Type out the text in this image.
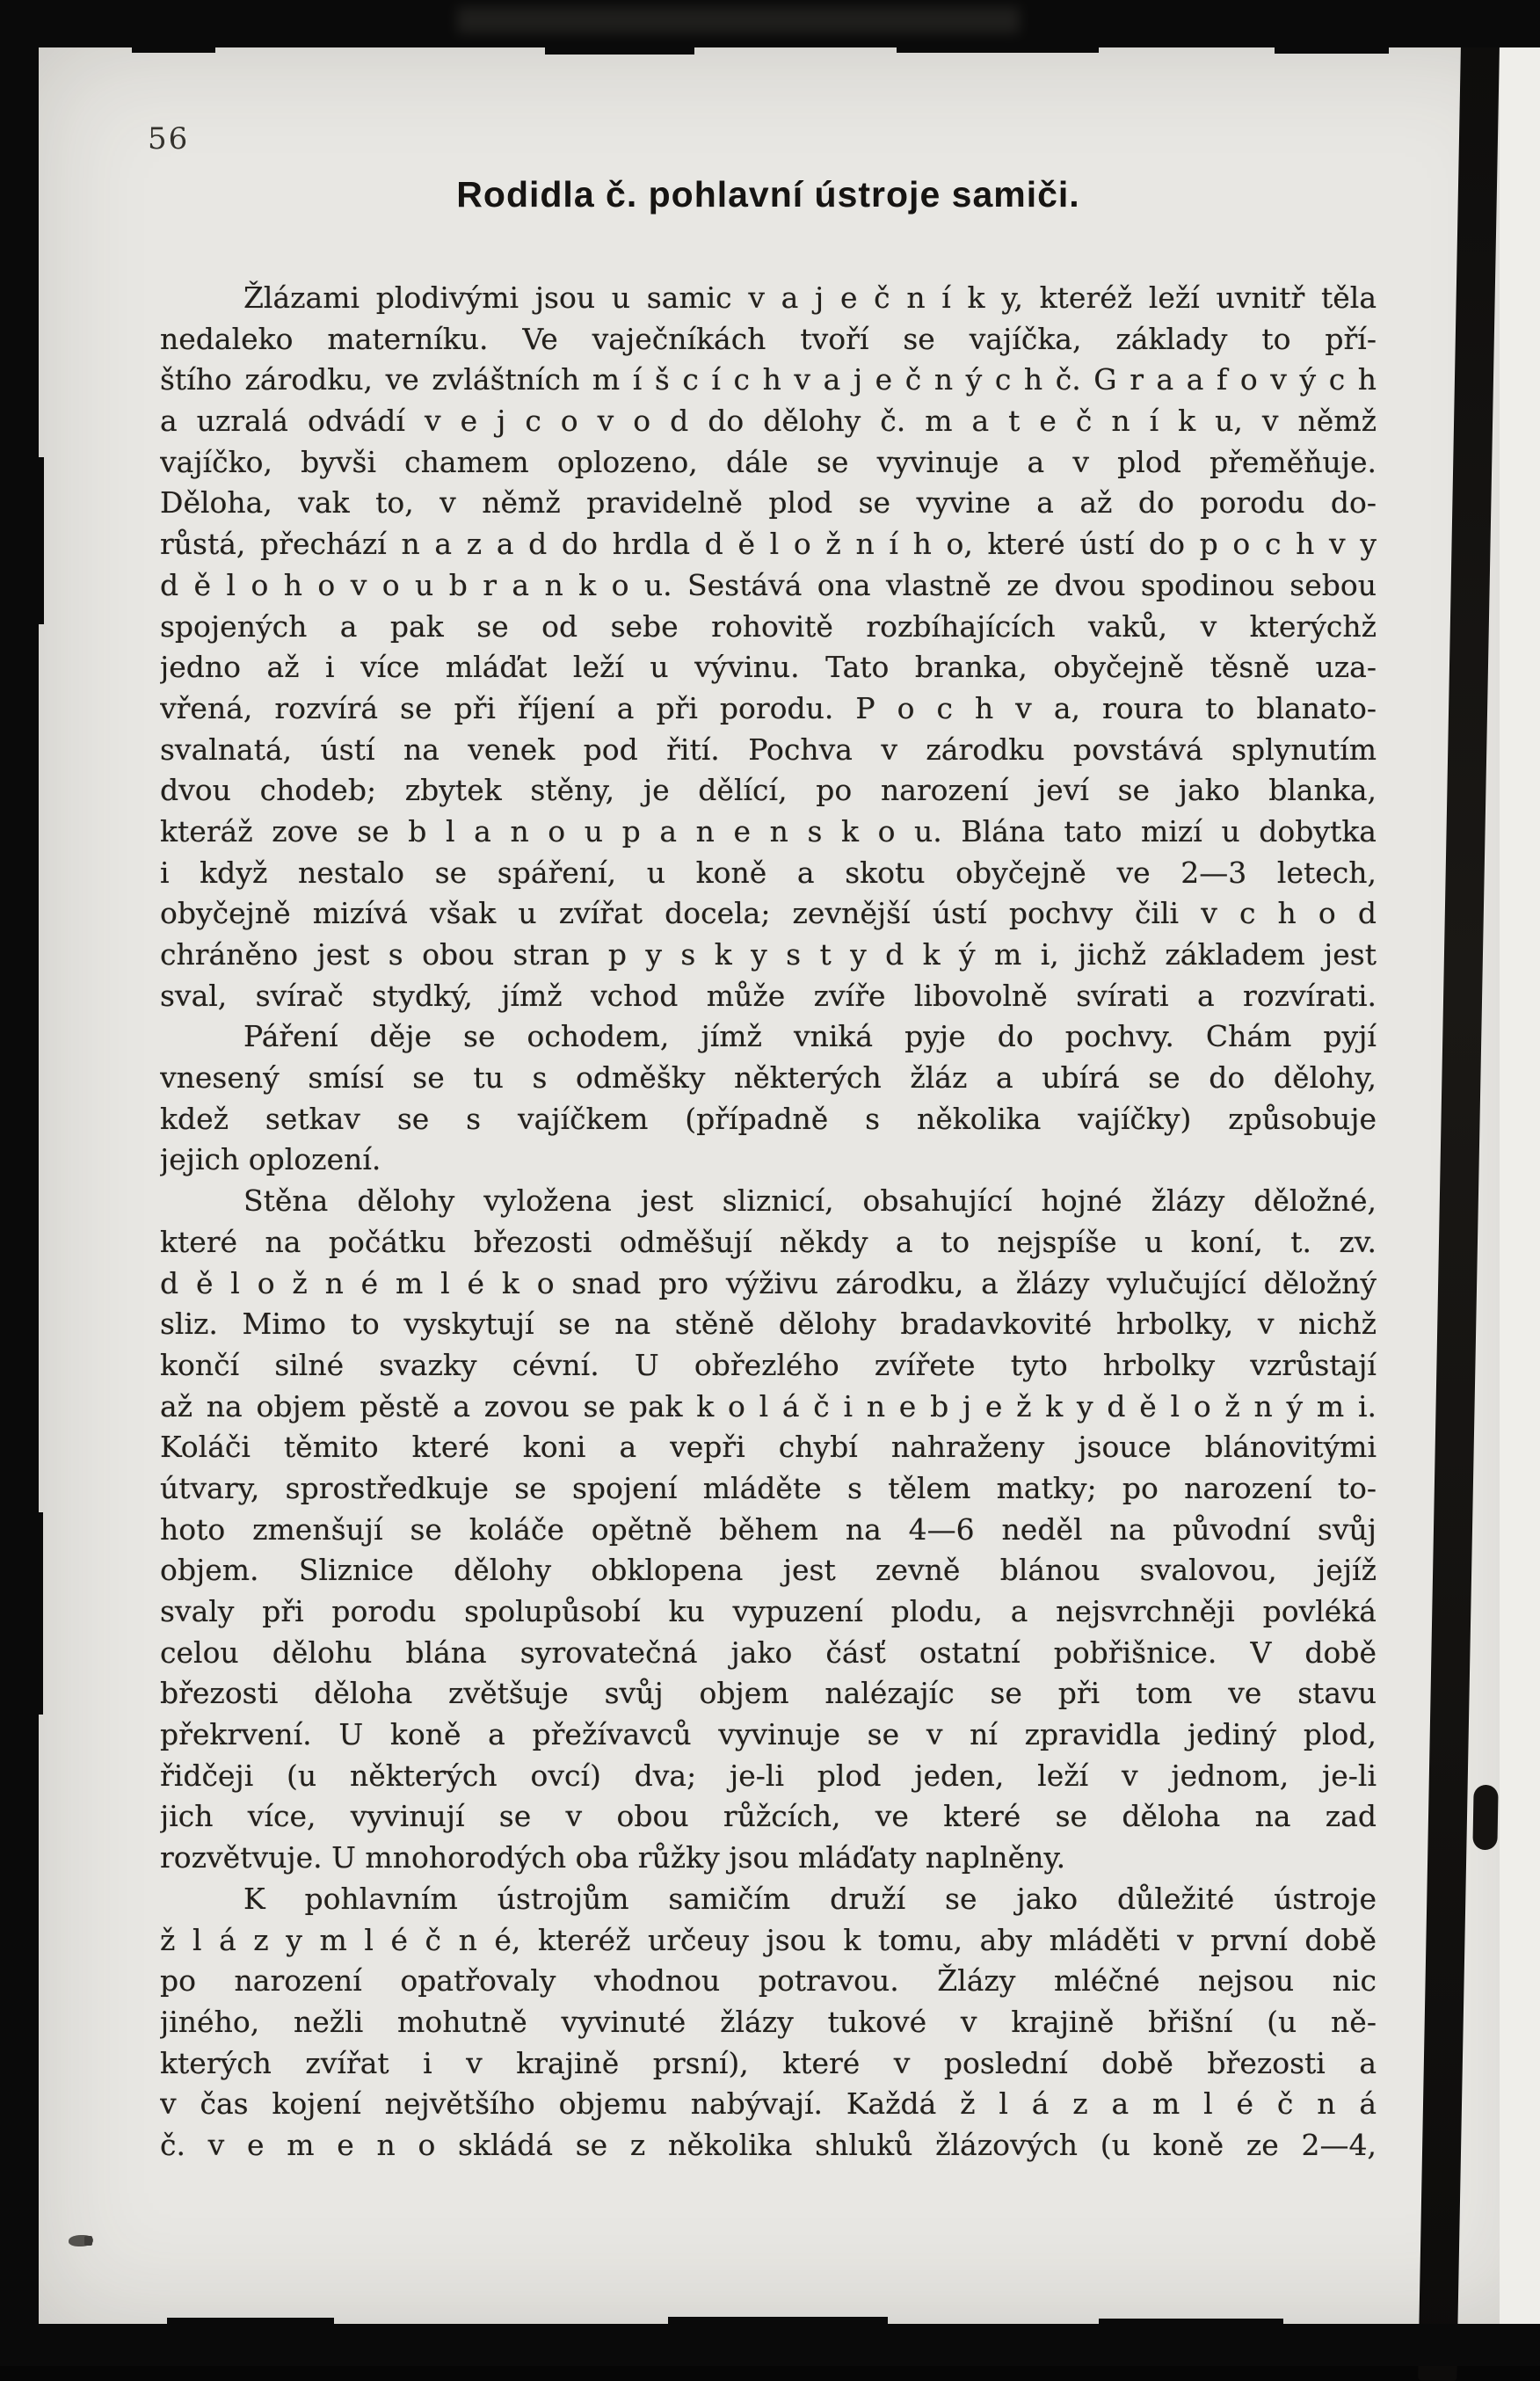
56
Rodidla č. pohlavní ústroje samiči.
Žlázami plodivými jsou u samic v a j e č n í k y, kteréž leží uvnitř těla
nedaleko materníku. Ve vaječníkách tvoří se vajíčka, základy to pří-
štího zárodku, ve zvláštních m í š c í c h v a j e č n ý c h č. G r a a f o v ý c h
a uzralá odvádí v e j c o v o d do dělohy č. m a t e č n í k u, v němž
vajíčko, byvši chamem oplozeno, dále se vyvinuje a v plod přeměňuje.
Děloha, vak to, v němž pravidelně plod se vyvine a až do porodu do-
růstá, přechází n a z a d do hrdla d ě l o ž n í h o, které ústí do p o c h v y
d ě l o h o v o u b r a n k o u. Sestává ona vlastně ze dvou spodinou sebou
spojených a pak se od sebe rohovitě rozbíhajících vaků, v kterýchž
jedno až i více mláďat leží u vývinu. Tato branka, obyčejně těsně uza-
vřená, rozvírá se při říjení a při porodu. P o c h v a, roura to blanato-
svalnatá, ústí na venek pod řití. Pochva v zárodku povstává splynutím
dvou chodeb; zbytek stěny, je dělící, po narození jeví se jako blanka,
kteráž zove se b l a n o u p a n e n s k o u. Blána tato mizí u dobytka
i když nestalo se spáření, u koně a skotu obyčejně ve 2—3 letech,
obyčejně mizívá však u zvířat docela; zevnější ústí pochvy čili v c h o d
chráněno jest s obou stran p y s k y s t y d k ý m i, jichž základem jest
sval, svírač stydký, jímž vchod může zvíře libovolně svírati a rozvírati.
Páření děje se ochodem, jímž vniká pyje do pochvy. Chám pyjí
vnesený smísí se tu s odměšky některých žláz a ubírá se do dělohy,
kdež setkav se s vajíčkem (případně s několika vajíčky) způsobuje
jejich oplození.
Stěna dělohy vyložena jest sliznicí, obsahující hojné žlázy děložné,
které na počátku březosti odměšují někdy a to nejspíše u koní, t. zv.
d ě l o ž n é m l é k o snad pro výživu zárodku, a žlázy vylučující děložný
sliz. Mimo to vyskytují se na stěně dělohy bradavkovité hrbolky, v nichž
končí silné svazky cévní. U obřezlého zvířete tyto hrbolky vzrůstají
až na objem pěstě a zovou se pak k o l á č i n e b j e ž k y d ě l o ž n ý m i.
Koláči těmito které koni a vepři chybí nahraženy jsouce blánovitými
útvary, sprostředkuje se spojení mláděte s tělem matky; po narození to-
hoto zmenšují se koláče opětně během na 4—6 neděl na původní svůj
objem. Sliznice dělohy obklopena jest zevně blánou svalovou, jejíž
svaly při porodu spolupůsobí ku vypuzení plodu, a nejsvrchněji povléká
celou dělohu blána syrovatečná jako čásť ostatní pobřišnice. V době
březosti děloha zvětšuje svůj objem nalézajíc se při tom ve stavu
překrvení. U koně a přežívavců vyvinuje se v ní zpravidla jediný plod,
řidčeji (u některých ovcí) dva; je-li plod jeden, leží v jednom, je-li
jich více, vyvinují se v obou růžcích, ve které se děloha na zad
rozvětvuje. U mnohorodých oba růžky jsou mláďaty naplněny.
K pohlavním ústrojům samičím druží se jako důležité ústroje
ž l á z y m l é č n é, kteréž určeuy jsou k tomu, aby mláděti v první době
po narození opatřovaly vhodnou potravou. Žlázy mléčné nejsou nic
jiného, nežli mohutně vyvinuté žlázy tukové v krajině břišní (u ně-
kterých zvířat i v krajině prsní), které v poslední době březosti a
v čas kojení největšího objemu nabývají. Každá ž l á z a m l é č n á
č. v e m e n o skládá se z několika shluků žlázových (u koně ze 2—4,
